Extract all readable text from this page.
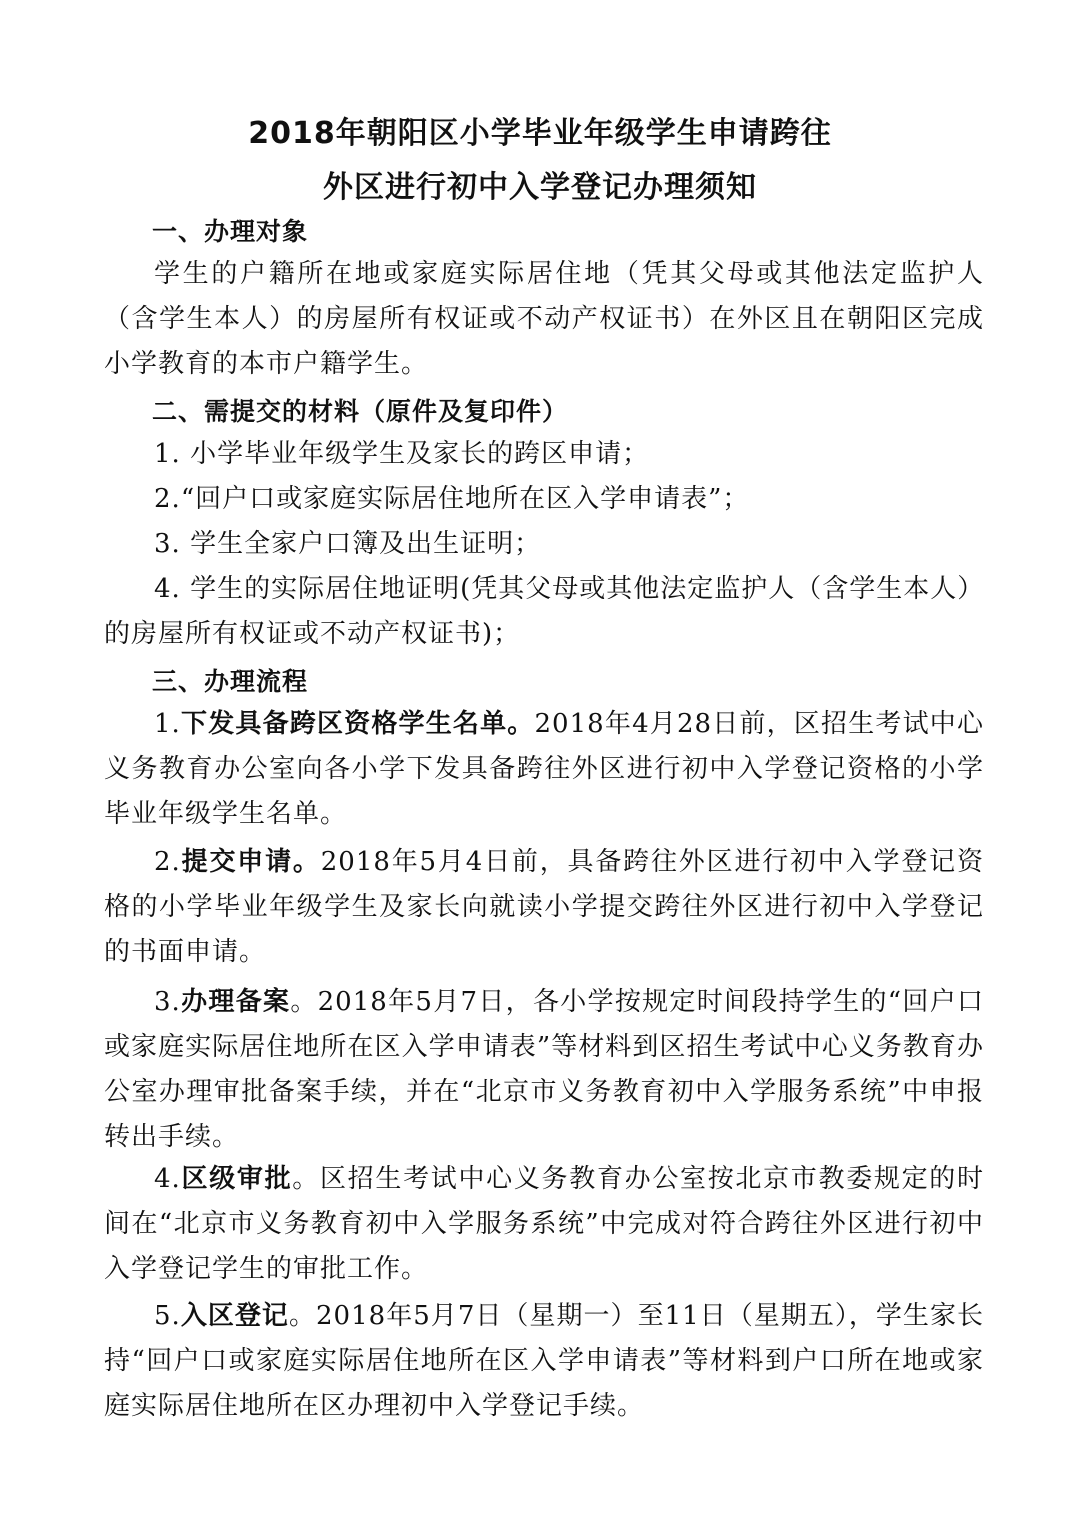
2018年朝阳区小学毕业年级学生申请跨往
外区进行初中入学登记办理须知
一、办理对象

学生的户籍所在地或家庭实际居住地（凭其父母或其他法定监护人（含学生本人）的房屋所有权证或不动产权证书）在外区且在朝阳区完成小学教育的本市户籍学生。

二、需提交的材料（原件及复印件）

1. 小学毕业年级学生及家长的跨区申请；

2.“回户口或家庭实际居住地所在区入学申请表”；

3. 学生全家户口簿及出生证明；

4. 学生的实际居住地证明(凭其父母或其他法定监护人（含学生本人）的房屋所有权证或不动产权证书)；

三、办理流程

1.下发具备跨区资格学生名单。2018年4月28日前，区招生考试中心义务教育办公室向各小学下发具备跨往外区进行初中入学登记资格的小学毕业年级学生名单。

2.提交申请。2018年5月4日前，具备跨往外区进行初中入学登记资格的小学毕业年级学生及家长向就读小学提交跨往外区进行初中入学登记的书面申请。

3.办理备案。2018年5月7日，各小学按规定时间段持学生的“回户口或家庭实际居住地所在区入学申请表”等材料到区招生考试中心义务教育办公室办理审批备案手续，并在“北京市义务教育初中入学服务系统”中申报转出手续。

4.区级审批。区招生考试中心义务教育办公室按北京市教委规定的时间在“北京市义务教育初中入学服务系统”中完成对符合跨往外区进行初中入学登记学生的审批工作。

5.入区登记。2018年5月7日（星期一）至11日（星期五），学生家长持“回户口或家庭实际居住地所在区入学申请表”等材料到户口所在地或家庭实际居住地所在区办理初中入学登记手续。
